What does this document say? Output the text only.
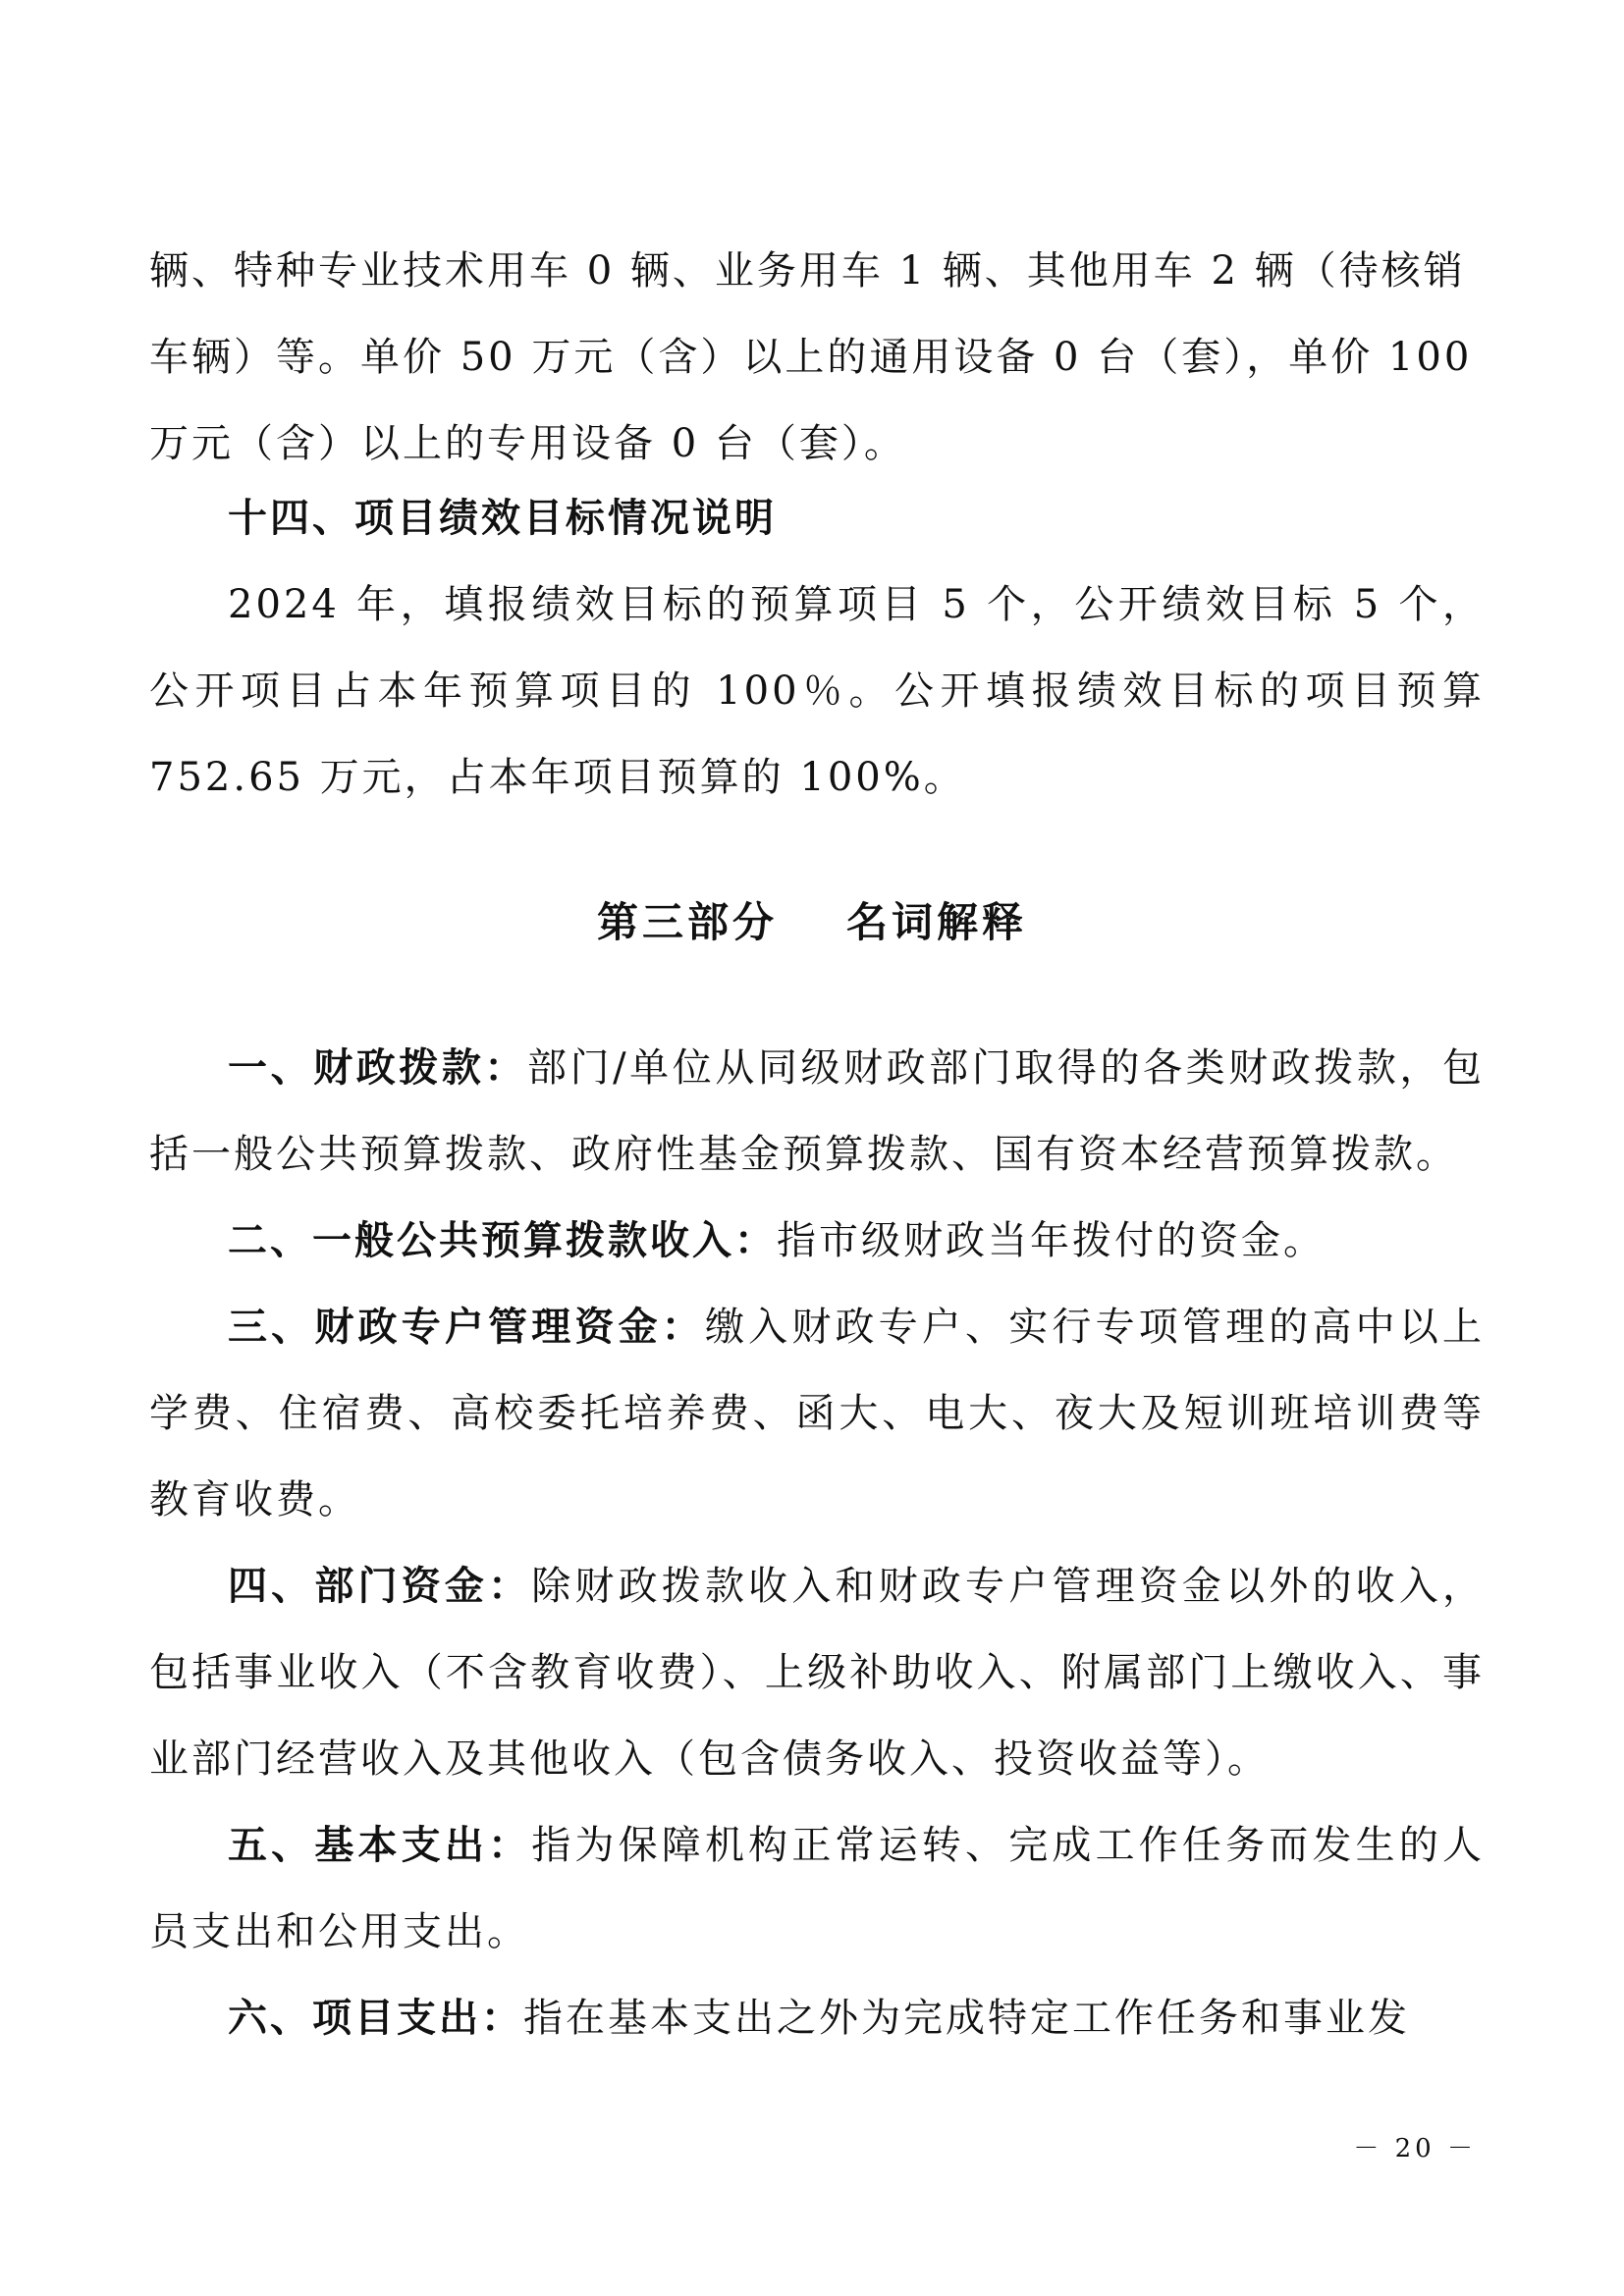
辆、特种专业技术用车 0 辆、业务用车 1 辆、其他用车 2 辆（待核销

车辆）等。单价 50 万元（含）以上的通用设备 0 台（套），单价 100

万元（含）以上的专用设备 0 台（套）。

十四、项目绩效目标情况说明

2024 年，填报绩效目标的预算项目 5 个，公开绩效目标 5 个，公开项目占本年预算项目的 100％。公开填报绩效目标的项目预算 752.65 万元，占本年项目预算的 100%。

第三部分 名词解释

一、财政拨款：部门/单位从同级财政部门取得的各类财政拨款，包括一般公共预算拨款、政府性基金预算拨款、国有资本经营预算拨款。

二、一般公共预算拨款收入：指市级财政当年拨付的资金。

三、财政专户管理资金：缴入财政专户、实行专项管理的高中以上学费、住宿费、高校委托培养费、函大、电大、夜大及短训班培训费等教育收费。

四、部门资金：除财政拨款收入和财政专户管理资金以外的收入，包括事业收入（不含教育收费）、上级补助收入、附属部门上缴收入、事业部门经营收入及其他收入（包含债务收入、投资收益等）。

五、基本支出：指为保障机构正常运转、完成工作任务而发生的人员支出和公用支出。

六、项目支出：指在基本支出之外为完成特定工作任务和事业发

－ 20 －
